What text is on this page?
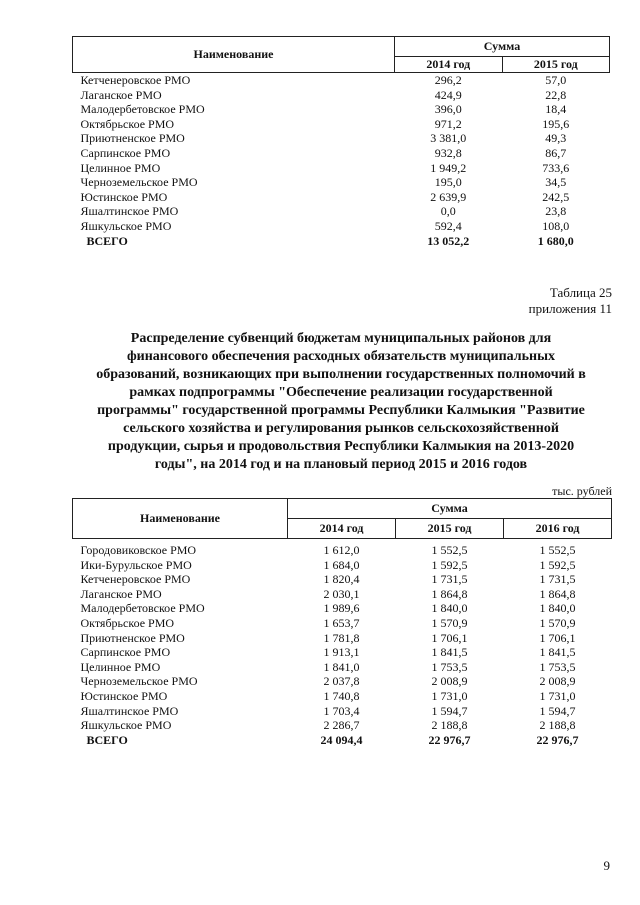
Наименование	Сумма	
	2014 год	2015 год
Кетченеровское РМО	296,2	57,0
Лаганское РМО	424,9	22,8
Малодербетовское РМО	396,0	18,4
Октябрьское РМО	971,2	195,6
Приютненское РМО	3 381,0	49,3
Сарпинское РМО	932,8	86,7
Целинное РМО	1 949,2	733,6
Черноземельское РМО	195,0	34,5
Юстинское РМО	2 639,9	242,5
Яшалтинское РМО	0,0	23,8
Яшкульское РМО	592,4	108,0
ВСЕГО	13 052,2	1 680,0
Таблица 25
приложения 11
Распределение субвенций бюджетам муниципальных районов для финансового обеспечения расходных обязательств муниципальных образований, возникающих при выполнении государственных полномочий в рамках подпрограммы "Обеспечение реализации государственной программы" государственной программы Республики Калмыкия "Развитие сельского хозяйства и регулирования рынков сельскохозяйственной продукции, сырья и продовольствия Республики Калмыкия на 2013-2020 годы", на 2014 год и на плановый период 2015 и 2016 годов
тыс. рублей
Наименование	Сумма		
	2014 год	2015 год	2016 год
Городовиковское РМО	1 612,0	1 552,5	1 552,5
Ики-Бурульское РМО	1 684,0	1 592,5	1 592,5
Кетченеровское РМО	1 820,4	1 731,5	1 731,5
Лаганское РМО	2 030,1	1 864,8	1 864,8
Малодербетовское РМО	1 989,6	1 840,0	1 840,0
Октябрьское РМО	1 653,7	1 570,9	1 570,9
Приютненское РМО	1 781,8	1 706,1	1 706,1
Сарпинское РМО	1 913,1	1 841,5	1 841,5
Целинное РМО	1 841,0	1 753,5	1 753,5
Черноземельское РМО	2 037,8	2 008,9	2 008,9
Юстинское РМО	1 740,8	1 731,0	1 731,0
Яшалтинское РМО	1 703,4	1 594,7	1 594,7
Яшкульское РМО	2 286,7	2 188,8	2 188,8
ВСЕГО	24 094,4	22 976,7	22 976,7
9
